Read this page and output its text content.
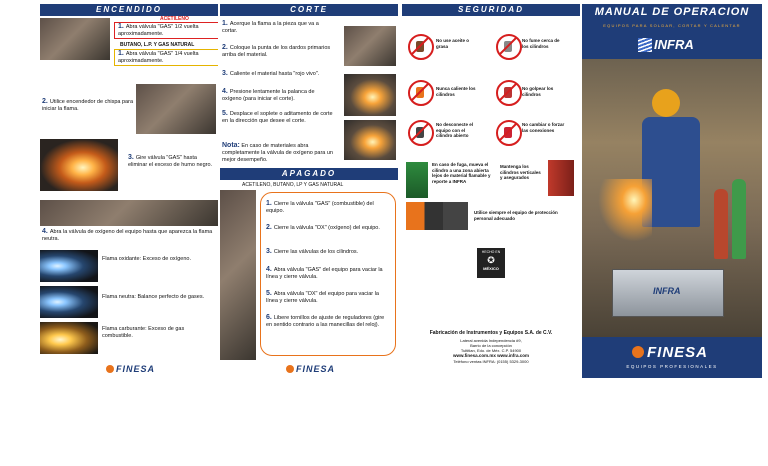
ENCENDIDO
ACETILENO
1. Abra válvula "GAS" 1/2 vuelta aproximadamente.
BUTANO, L.P. Y GAS NATURAL
1. Abra válvula "GAS" 1/4 vuelta aproximadamente.
2. Utilice encendedor de chispa para iniciar la flama.
3. Gire válvula "GAS" hasta eliminar el exceso de humo negro.
4. Abra la válvula de oxígeno del equipo hasta que aparezca la flama neutra.
Flama oxidante: Exceso de oxígeno.
Flama neutra: Balance perfecto de gases.
Flama carburante: Exceso de gas combustible.
FINESA
CORTE
1. Acerque la flama a la pieza que va a cortar.
2. Coloque la punta de los dardos primarios arriba del material.
3. Caliente el material hasta "rojo vivo".
4. Presione lentamente la palanca de oxígeno (para iniciar el corte).
5. Desplace el soplete o aditamento de corte en la dirección que desee el corte.
Nota: En caso de materiales abra completamente la válvula de oxígeno para un mejor desempeño.
APAGADO
ACETILENO, BUTANO, LP Y GAS NATURAL
1. Cierre la válvula "GAS" (combustible) del equipo.
2. Cierre la válvula "OX" (oxígeno) del equipo.
3. Cierre las válvulas de los cilindros.
4. Abra válvula "GAS" del equipo para vaciar la línea y cierre válvula.
5. Abra válvula "OX" del equipo para vaciar la línea y cierre válvula.
6. Libere tornillos de ajuste de reguladores (gire en sentido contrario a las manecillas del reloj).
FINESA
SEGURIDAD
No use aceite o grasa
No fume cerca de los cilindros
Nunca caliente los cilindros
No golpear los cilindros
No desconecte el equipo con el cilindro abierto
No cambiar o forzar las conexiones
En caso de fuga, mueva el cilindro a una zona abierta lejos de material flamable y reporte a INFRA
Mantenga los cilindros verticales y asegurados
Utilice siempre el equipo de protección personal adecuado
HECHO EN
✪
MÉXICO
Fabricación de Instrumentos y Equipos S.A. de C.V.
Lateral avenida Independencia #9,
Barrio de la concepción
Tultitlan, Edo. de Méx. C.P. 54900
www.finesa.com.mx www.infra.com
Teléfono ventas INFRA: (0155) 5329-3000
MANUAL DE OPERACION
EQUIPOS PARA SOLDAR, CORTAR Y CALENTAR
INFRA
INFRA
FINESA
EQUIPOS PROFESIONALES
